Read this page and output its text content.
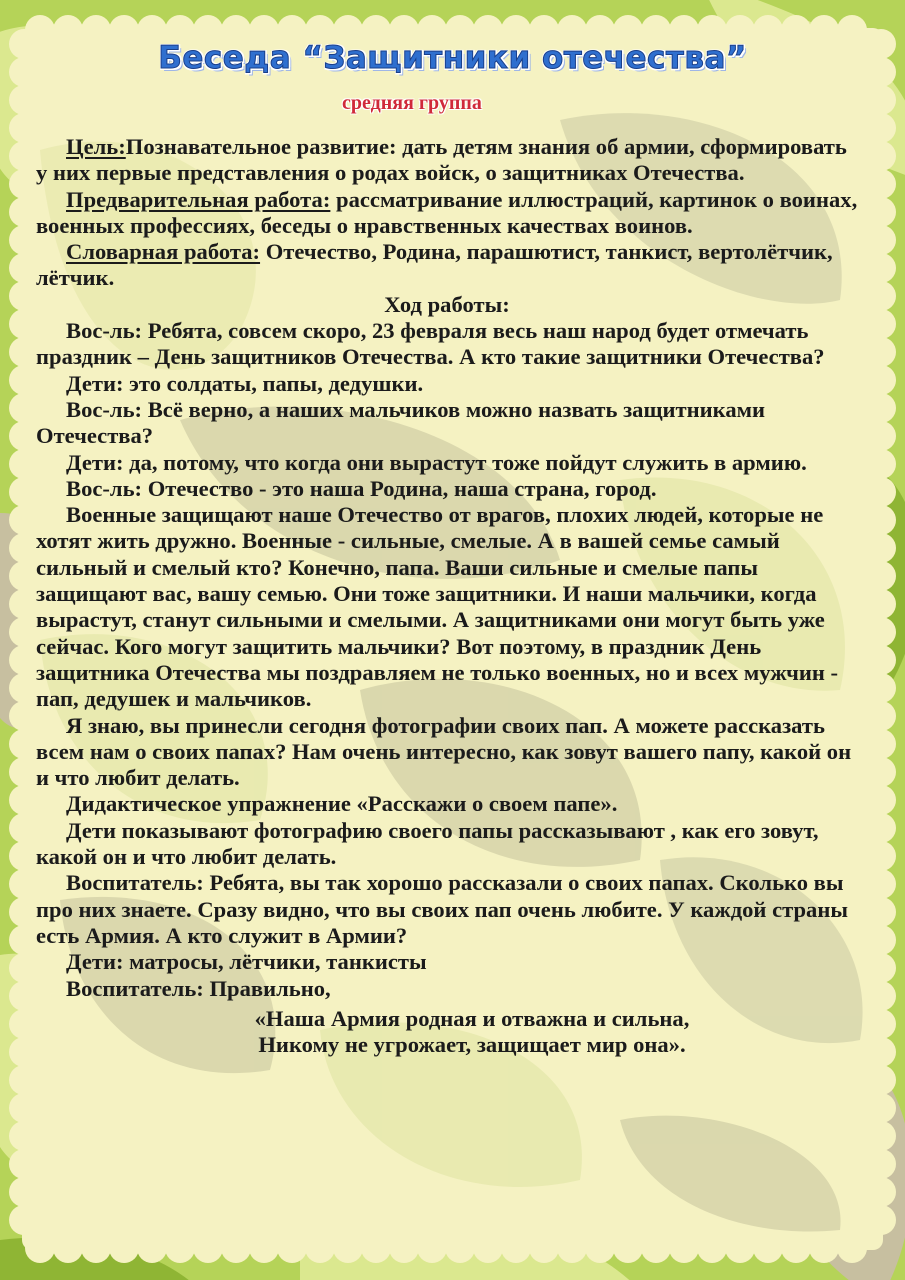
Беседа “Защитники отечества”
средняя группа

Цель:Познавательное развитие: дать детям знания об армии, сформировать у них первые представления о родах войск, о защитниках Отечества.

Предварительная работа: рассматривание иллюстраций, картинок о воинах, военных профессиях, беседы о нравственных качествах воинов.

Словарная работа: Отечество, Родина, парашютист, танкист, вертолётчик, лётчик.

Ход работы:

Вос-ль: Ребята, совсем скоро, 23 февраля весь наш народ будет отмечать праздник – День защитников Отечества. А кто такие защитники Отечества?

Дети: это солдаты, папы, дедушки.

Вос-ль: Всё верно, а наших мальчиков можно назвать защитниками Отечества?

Дети: да, потому, что когда они вырастут тоже пойдут служить в армию.

Вос-ль: Отечество - это наша Родина, наша страна, город.

Военные защищают наше Отечество от врагов, плохих людей, которые не хотят жить дружно. Военные - сильные, смелые. А в вашей семье самый сильный и смелый кто? Конечно, папа. Ваши сильные и смелые папы защищают вас, вашу семью. Они тоже защитники. И наши мальчики, когда вырастут, станут сильными и смелыми. А защитниками они могут быть уже сейчас. Кого могут защитить мальчики? Вот поэтому, в праздник День защитника Отечества мы поздравляем не только военных, но и всех мужчин - пап, дедушек и мальчиков.

Я знаю, вы принесли сегодня фотографии своих пап. А можете рассказать всем нам о своих папах? Нам очень интересно, как зовут вашего папу, какой он и что любит делать.

Дидактическое упражнение «Расскажи о своем папе».

Дети показывают фотографию своего папы рассказывают , как его зовут, какой он и что любит делать.

Воспитатель: Ребята, вы так хорошо рассказали о своих папах. Сколько вы про них знаете. Сразу видно, что вы своих пап очень любите. У каждой страны есть Армия. А кто служит в Армии?

Дети: матросы, лётчики, танкисты

Воспитатель: Правильно,

«Наша Армия родная и отважна и сильна,

Никому не угрожает, защищает мир она».
